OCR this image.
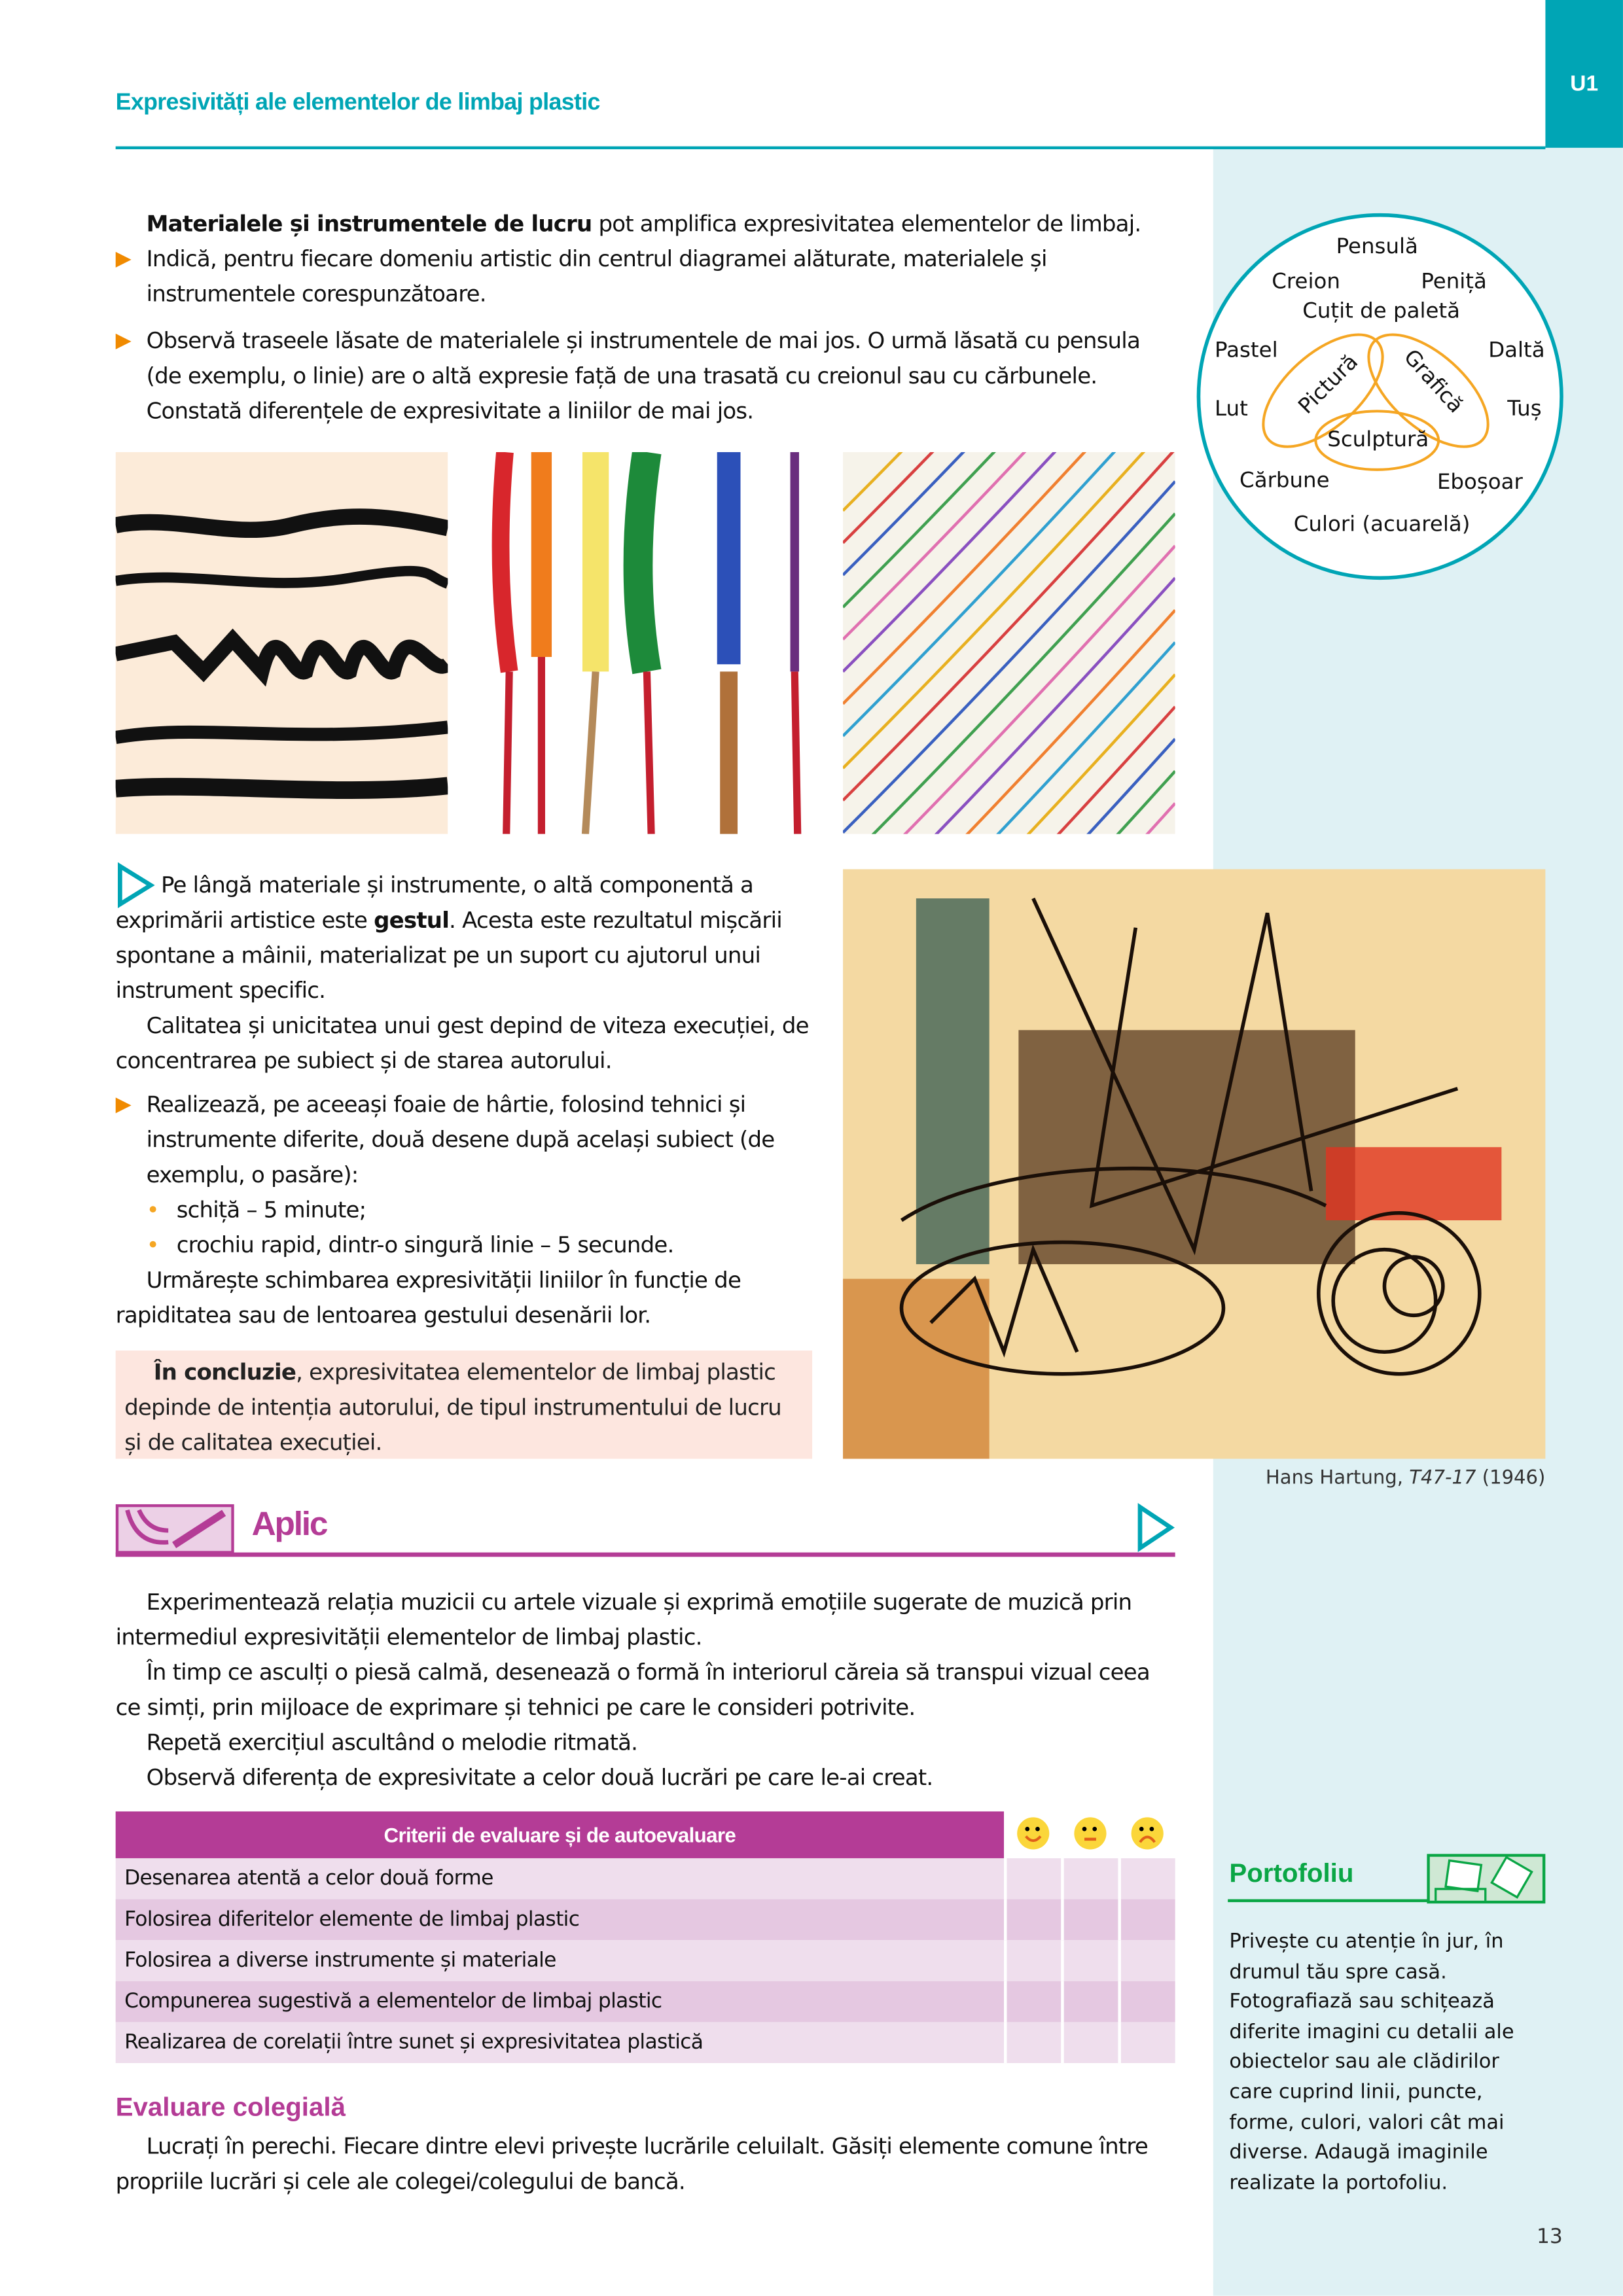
U1
Expresivități ale elementelor de limbaj plastic
Materialele și instrumentele de lucru pot amplifica expresivitatea elementelor de limbaj.
▶	Indică, pentru fiecare domeniu artistic din centrul diagramei alăturate, materialele și instrumentele corespunzătoare.
▶	Observă traseele lăsate de materialele și instrumentele de mai jos. O urmă lăsată cu pensula (de exemplu, o linie) are o altă expresie față de una trasată cu creionul sau cu cărbunele. Constată diferențele de expresivitate a liniilor de mai jos.
Pensulă
Creion	Peniță
Cuțit de paletă
Pastel	Daltă
Lut	Tuș
Cărbune	Eboșoar
Culori (acuarelă)
Pictură	Grafică
Sculptură
Pe lângă materiale și instrumente, o altă componentă a exprimării artistice este gestul. Acesta este rezultatul mișcării spontane a mâinii, materializat pe un suport cu ajutorul unui instrument specific.
Calitatea și unicitatea unui gest depind de viteza execuției, de concentrarea pe subiect și de starea autorului.
▶	Realizează, pe aceeași foaie de hârtie, folosind tehnici și instrumente diferite, două desene după același subiect (de exemplu, o pasăre):
• schiță – 5 minute;
• crochiu rapid, dintr-o singură linie – 5 secunde.
Urmărește schimbarea expresivității liniilor în funcție de rapiditatea sau de lentoarea gestului desenării lor.
În concluzie, expresivitatea elementelor de limbaj plastic depinde de intenția autorului, de tipul instrumentului de lucru și de calitatea execuției.
Hans Hartung, T47-17 (1946)
Aplic
Experimentează relația muzicii cu artele vizuale și exprimă emoțiile sugerate de muzică prin intermediul expresivității elementelor de limbaj plastic.
În timp ce asculți o piesă calmă, desenează o formă în interiorul căreia să transpui vizual ceea ce simți, prin mijloace de exprimare și tehnici pe care le consideri potrivite.
Repetă exercițiul ascultând o melodie ritmată.
Observă diferența de expresivitate a celor două lucrări pe care le-ai creat.
Criterii de evaluare și de autoevaluare			
Desenarea atentă a celor două forme			
Folosirea diferitelor elemente de limbaj plastic			
Folosirea a diverse instrumente și materiale			
Compunerea sugestivă a elementelor de limbaj plastic			
Realizarea de corelații între sunet și expresivitatea plastică			
Evaluare colegială
Lucrați în perechi. Fiecare dintre elevi privește lucrările celuilalt. Găsiți elemente comune între propriile lucrări și cele ale colegei/colegului de bancă.
Portofoliu
Privește cu atenție în jur, în drumul tău spre casă. Fotografiază sau schițează diferite imagini cu detalii ale obiectelor sau ale clădirilor care cuprind linii, puncte, forme, culori, valori cât mai diverse. Adaugă imaginile realizate la portofoliu.
13
